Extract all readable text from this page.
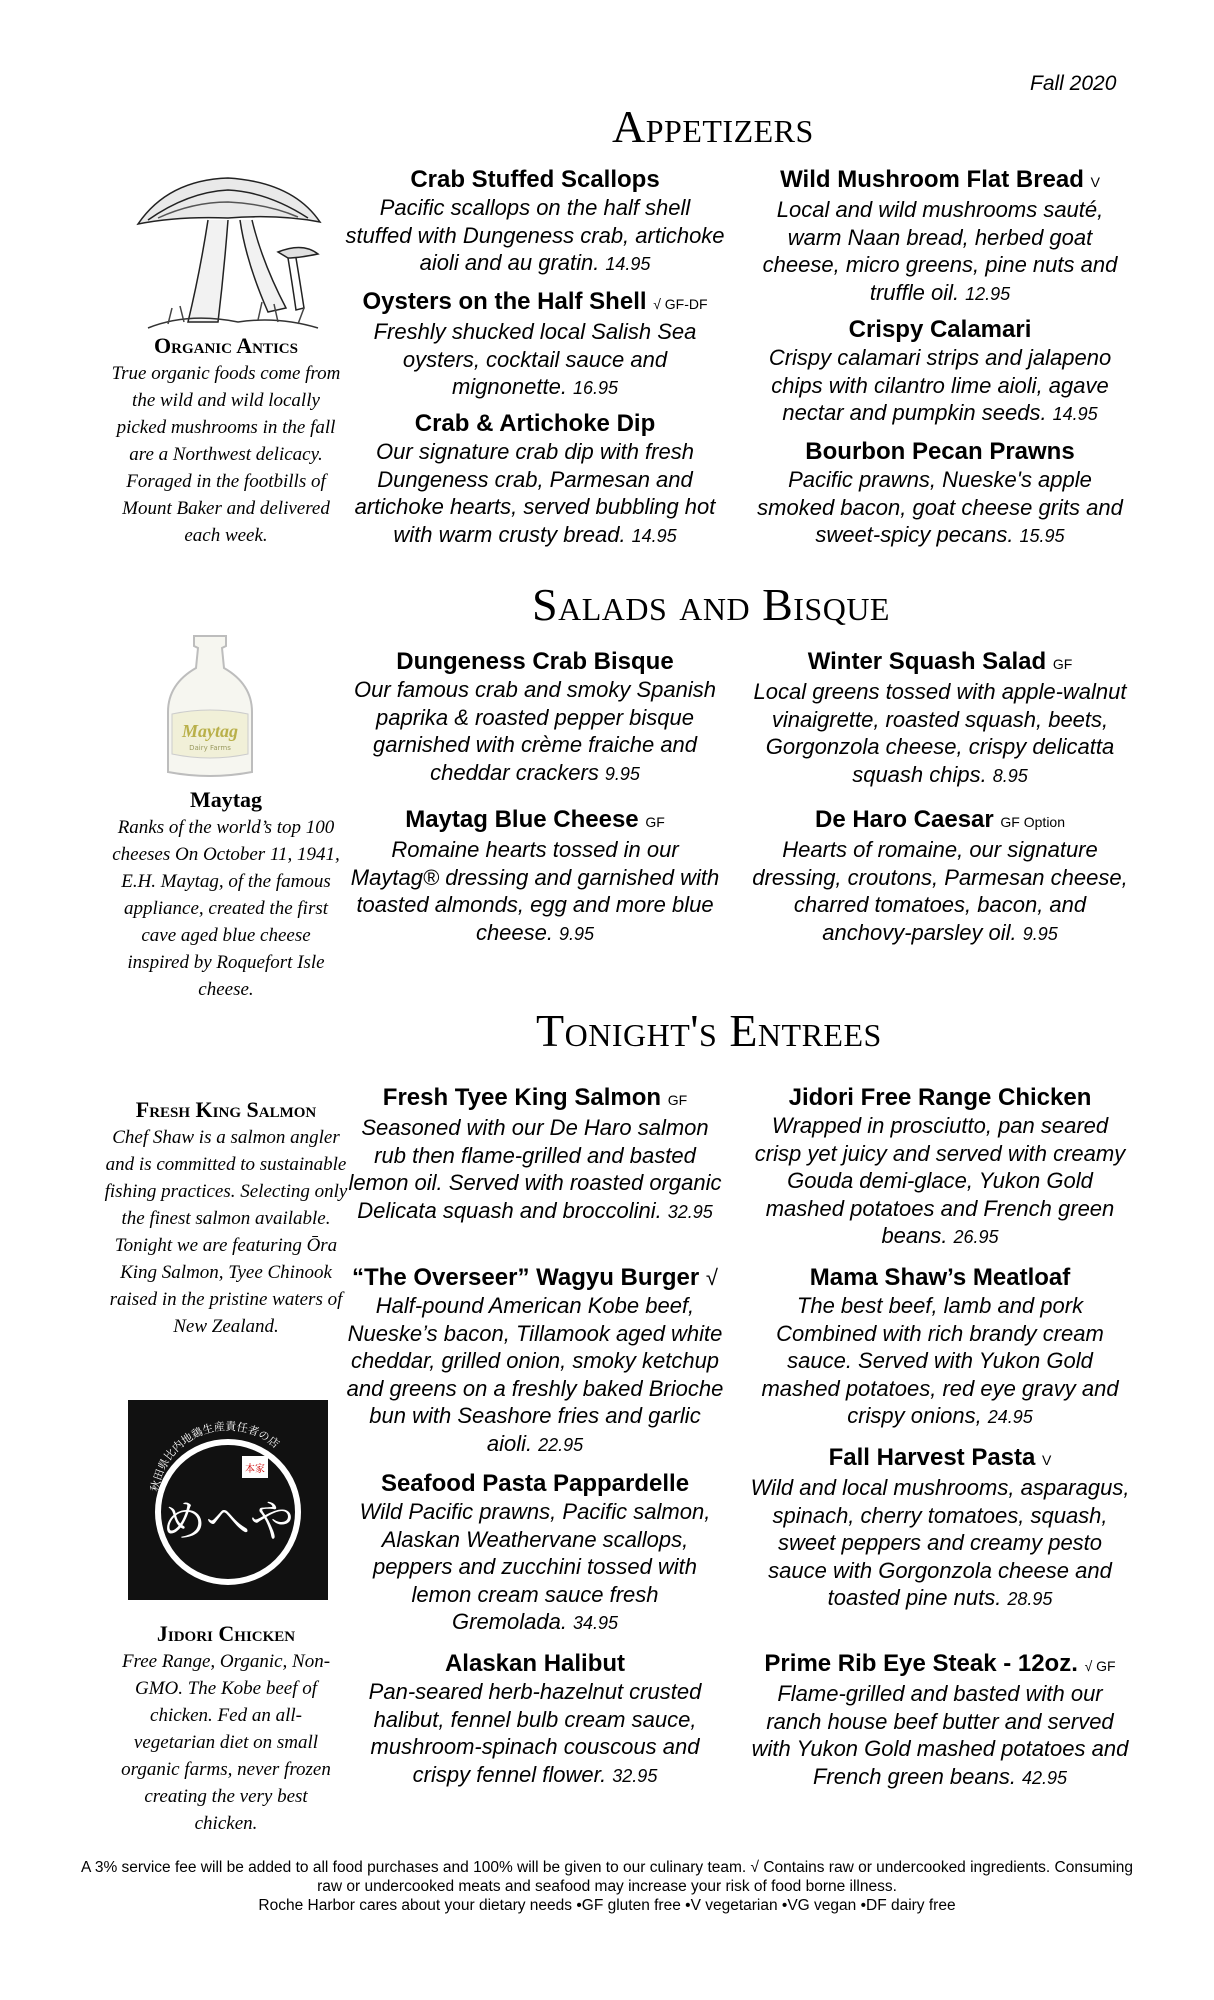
Fall 2020
Appetizers
Salads and Bisque
Tonight's Entrees
Crab Stuffed Scallops
Pacific scallops on the half shell stuffed with Dungeness crab, artichoke aioli and au gratin. 14.95
Oysters on the Half Shell √ GF-DF
Freshly shucked local Salish Sea oysters, cocktail sauce and mignonette. 16.95
Crab & Artichoke Dip
Our signature crab dip with fresh Dungeness crab, Parmesan and artichoke hearts, served bubbling hot with warm crusty bread. 14.95
Wild Mushroom Flat Bread V
Local and wild mushrooms sauté, warm Naan bread, herbed goat cheese, micro greens, pine nuts and truffle oil. 12.95
Crispy Calamari
Crispy calamari strips and jalapeno chips with cilantro lime aioli, agave nectar and pumpkin seeds. 14.95
Bourbon Pecan Prawns
Pacific prawns, Nueske's apple smoked bacon, goat cheese grits and sweet-spicy pecans. 15.95
Dungeness Crab Bisque
Our famous crab and smoky Spanish paprika & roasted pepper bisque garnished with crème fraiche and cheddar crackers 9.95
Maytag Blue Cheese GF
Romaine hearts tossed in our Maytag® dressing and garnished with toasted almonds, egg and more blue cheese. 9.95
Winter Squash Salad GF
Local greens tossed with apple-walnut vinaigrette, roasted squash, beets, Gorgonzola cheese, crispy delicatta squash chips. 8.95
De Haro Caesar GF Option
Hearts of romaine, our signature dressing, croutons, Parmesan cheese, charred tomatoes, bacon, and anchovy-parsley oil. 9.95
Fresh Tyee King Salmon GF
Seasoned with our De Haro salmon rub then flame-grilled and basted lemon oil. Served with roasted organic Delicata squash and broccolini. 32.95
“The Overseer” Wagyu Burger √
Half-pound American Kobe beef, Nueske’s bacon, Tillamook aged white cheddar, grilled onion, smoky ketchup and greens on a freshly baked Brioche bun with Seashore fries and garlic aioli. 22.95
Seafood Pasta Pappardelle
Wild Pacific prawns, Pacific salmon, Alaskan Weathervane scallops, peppers and zucchini tossed with lemon cream sauce fresh Gremolada. 34.95
Alaskan Halibut
Pan-seared herb-hazelnut crusted halibut, fennel bulb cream sauce, mushroom-spinach couscous and crispy fennel flower. 32.95
Jidori Free Range Chicken
Wrapped in prosciutto, pan seared crisp yet juicy and served with creamy Gouda demi-glace, Yukon Gold mashed potatoes and French green beans. 26.95
Mama Shaw’s Meatloaf
The best beef, lamb and pork Combined with rich brandy cream sauce. Served with Yukon Gold mashed potatoes, red eye gravy and crispy onions, 24.95
Fall Harvest Pasta V
Wild and local mushrooms, asparagus, spinach, cherry tomatoes, squash, sweet peppers and creamy pesto sauce with Gorgonzola cheese and toasted pine nuts. 28.95
Prime Rib Eye Steak - 12oz. √ GF
Flame-grilled and basted with our ranch house beef butter and served with Yukon Gold mashed potatoes and French green beans. 42.95
Organic Antics
True organic foods come from the wild and wild locally picked mushrooms in the fall are a Northwest delicacy. Foraged in the footbills of Mount Baker and delivered each week.
Maytag
Dairy Farms
Maytag
Ranks of the world’s top 100 cheeses On October 11, 1941, E.H. Maytag, of the famous appliance, created the first cave aged blue cheese inspired by Roquefort Isle cheese.
Fresh King Salmon
Chef Shaw is a salmon angler and is committed to sustainable fishing practices. Selecting only the finest salmon available. Tonight we are featuring Ōra King Salmon, Tyee Chinook raised in the pristine waters of New Zealand.
秋田県比内地鶏生産責任者の店
本家
めへや
Jidori Chicken
Free Range, Organic, Non-GMO. The Kobe beef of chicken. Fed an all-vegetarian diet on small organic farms, never frozen creating the very best chicken.
A 3% service fee will be added to all food purchases and 100% will be given to our culinary team. √ Contains raw or undercooked ingredients. Consuming raw or undercooked meats and seafood may increase your risk of food borne illness.
Roche Harbor cares about your dietary needs •GF gluten free •V vegetarian •VG vegan •DF dairy free
